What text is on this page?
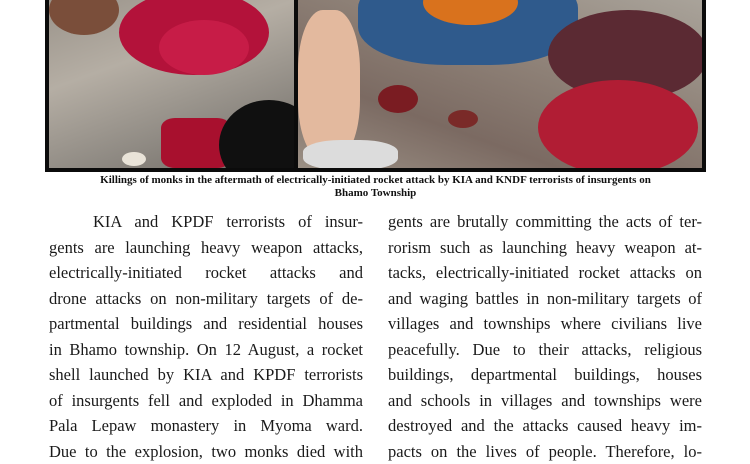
Killings of monks in the aftermath of electrically-initiated rocket attack by KIA and KNDF terrorists of insurgents on
Bhamo Township
KIA and KPDF terrorists of insur-
gents are launching heavy weapon attacks,
electrically-initiated rocket attacks and
drone attacks on non-military targets of de-
partmental buildings and residential houses
in Bhamo township. On 12 August, a rocket
shell launched by KIA and KPDF terrorists
of insurgents fell and exploded in Dhamma
Pala Lepaw monastery in Myoma ward.
Due to the explosion, two monks died with
gents are brutally committing the acts of ter-
rorism such as launching heavy weapon at-
tacks, electrically-initiated rocket attacks on
and waging battles in non-military targets of
villages and townships where civilians live
peacefully. Due to their attacks, religious
buildings, departmental buildings, houses
and schools in villages and townships were
destroyed and the attacks caused heavy im-
pacts on the lives of people. Therefore, lo-
